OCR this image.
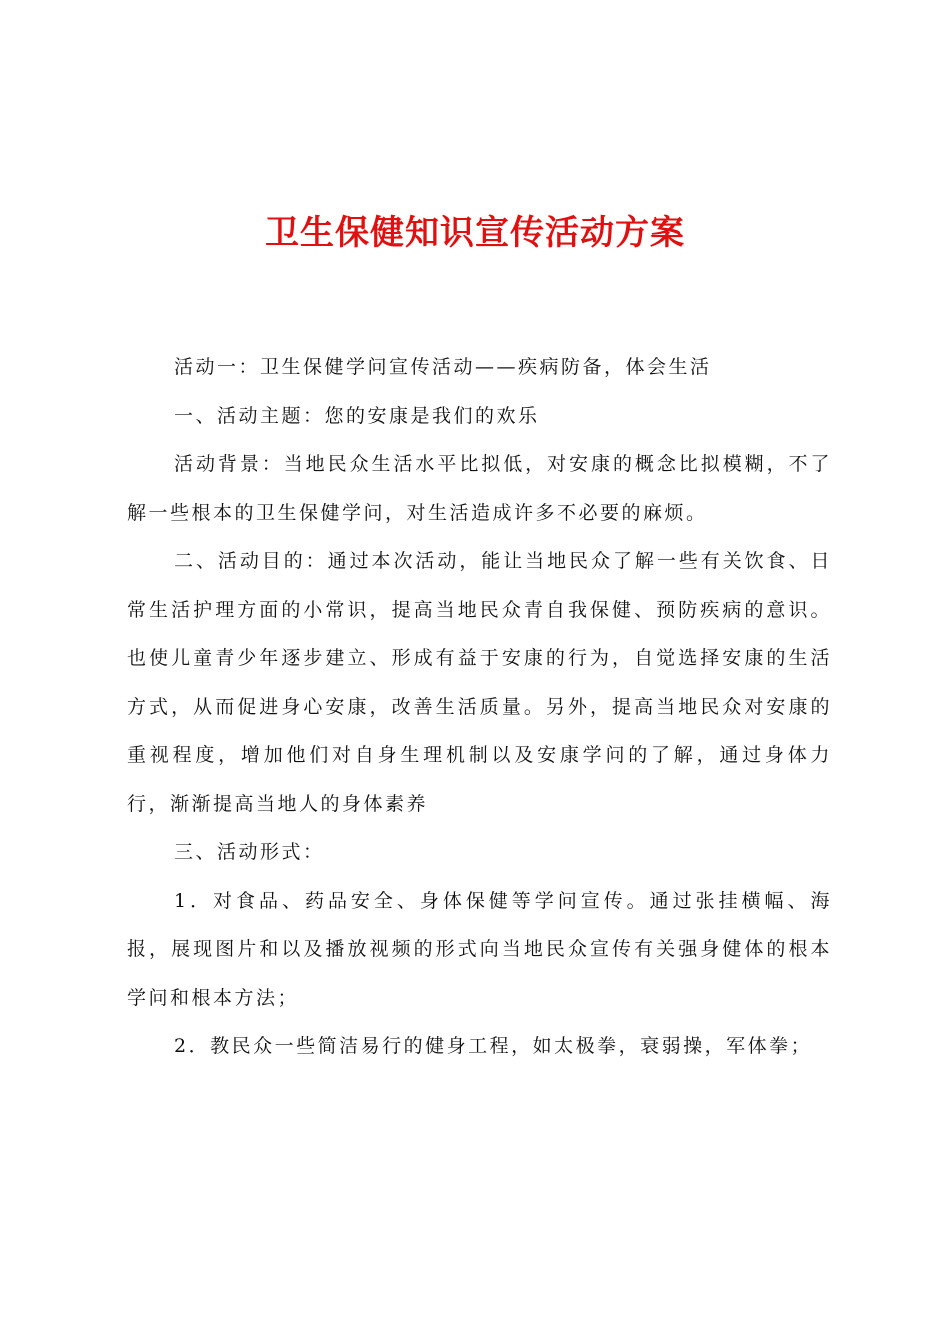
卫生保健知识宣传活动方案

活动一：卫生保健学问宣传活动——疾病防备，体会生活

一、活动主题：您的安康是我们的欢乐

活动背景：当地民众生活水平比拟低，对安康的概念比拟模糊，不了解一些根本的卫生保健学问，对生活造成许多不必要的麻烦。

二、活动目的：通过本次活动，能让当地民众了解一些有关饮食、日常生活护理方面的小常识，提高当地民众青自我保健、预防疾病的意识。也使儿童青少年逐步建立、形成有益于安康的行为，自觉选择安康的生活方式，从而促进身心安康，改善生活质量。另外，提高当地民众对安康的重视程度，增加他们对自身生理机制以及安康学问的了解，通过身体力行，渐渐提高当地人的身体素养

三、活动形式：

1．对食品、药品安全、身体保健等学问宣传。通过张挂横幅、海报，展现图片和以及播放视频的形式向当地民众宣传有关强身健体的根本学问和根本方法；

2．教民众一些简洁易行的健身工程，如太极拳，衰弱操，军体拳；
